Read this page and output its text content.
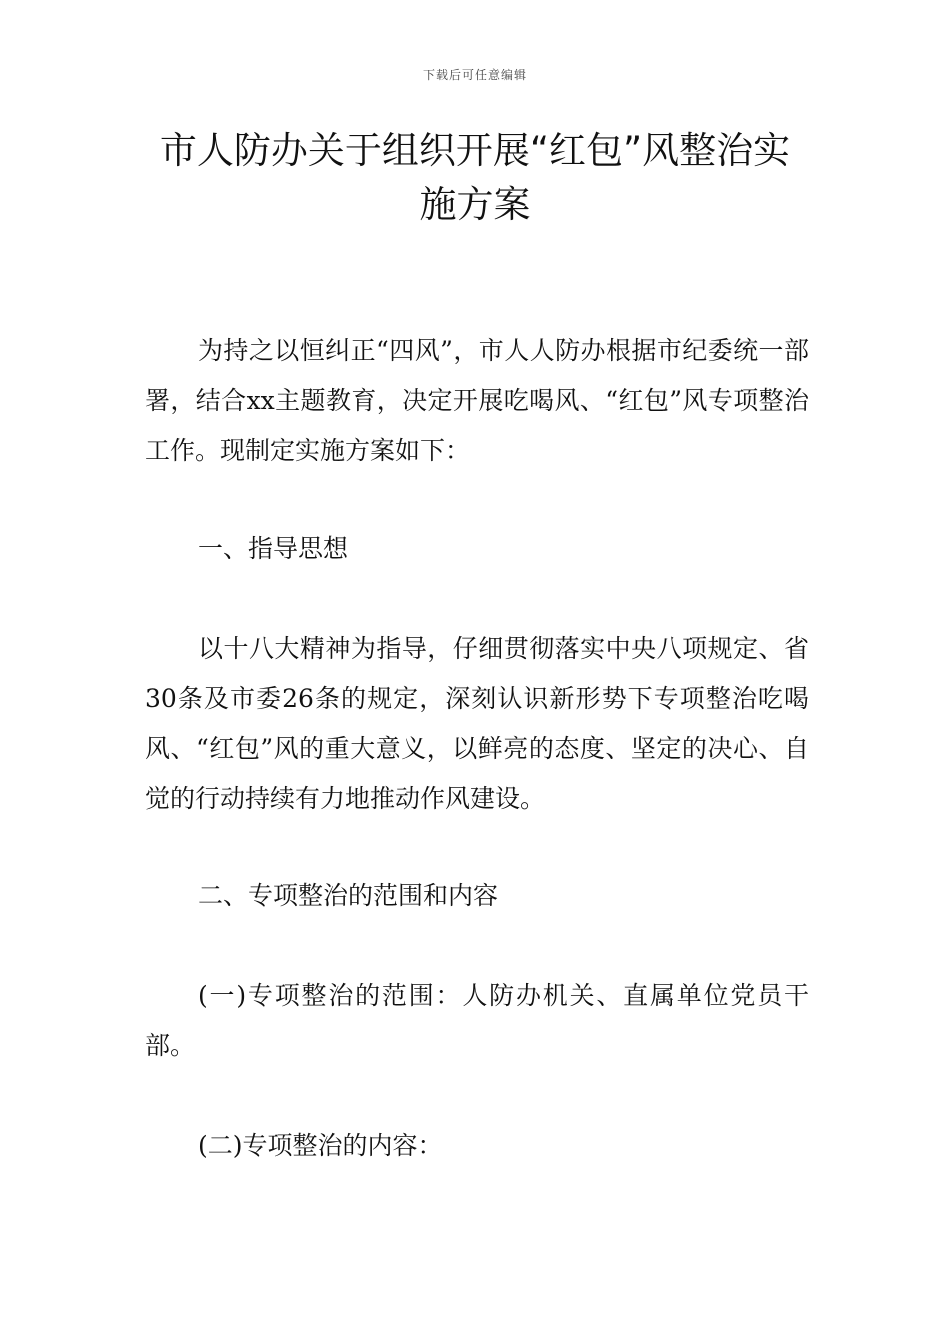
下载后可任意编辑
市人防办关于组织开展“红包”风整治实
施方案

为持之以恒纠正“四风”，市人人防办根据市纪委统一部署，结合xx主题教育，决定开展吃喝风、“红包”风专项整治工作。现制定实施方案如下：

一、指导思想

以十八大精神为指导，仔细贯彻落实中央八项规定、省30条及市委26条的规定，深刻认识新形势下专项整治吃喝风、“红包”风的重大意义，以鲜亮的态度、坚定的决心、自觉的行动持续有力地推动作风建设。

二、专项整治的范围和内容

(一)专项整治的范围：人防办机关、直属单位党员干部。

(二)专项整治的内容：
